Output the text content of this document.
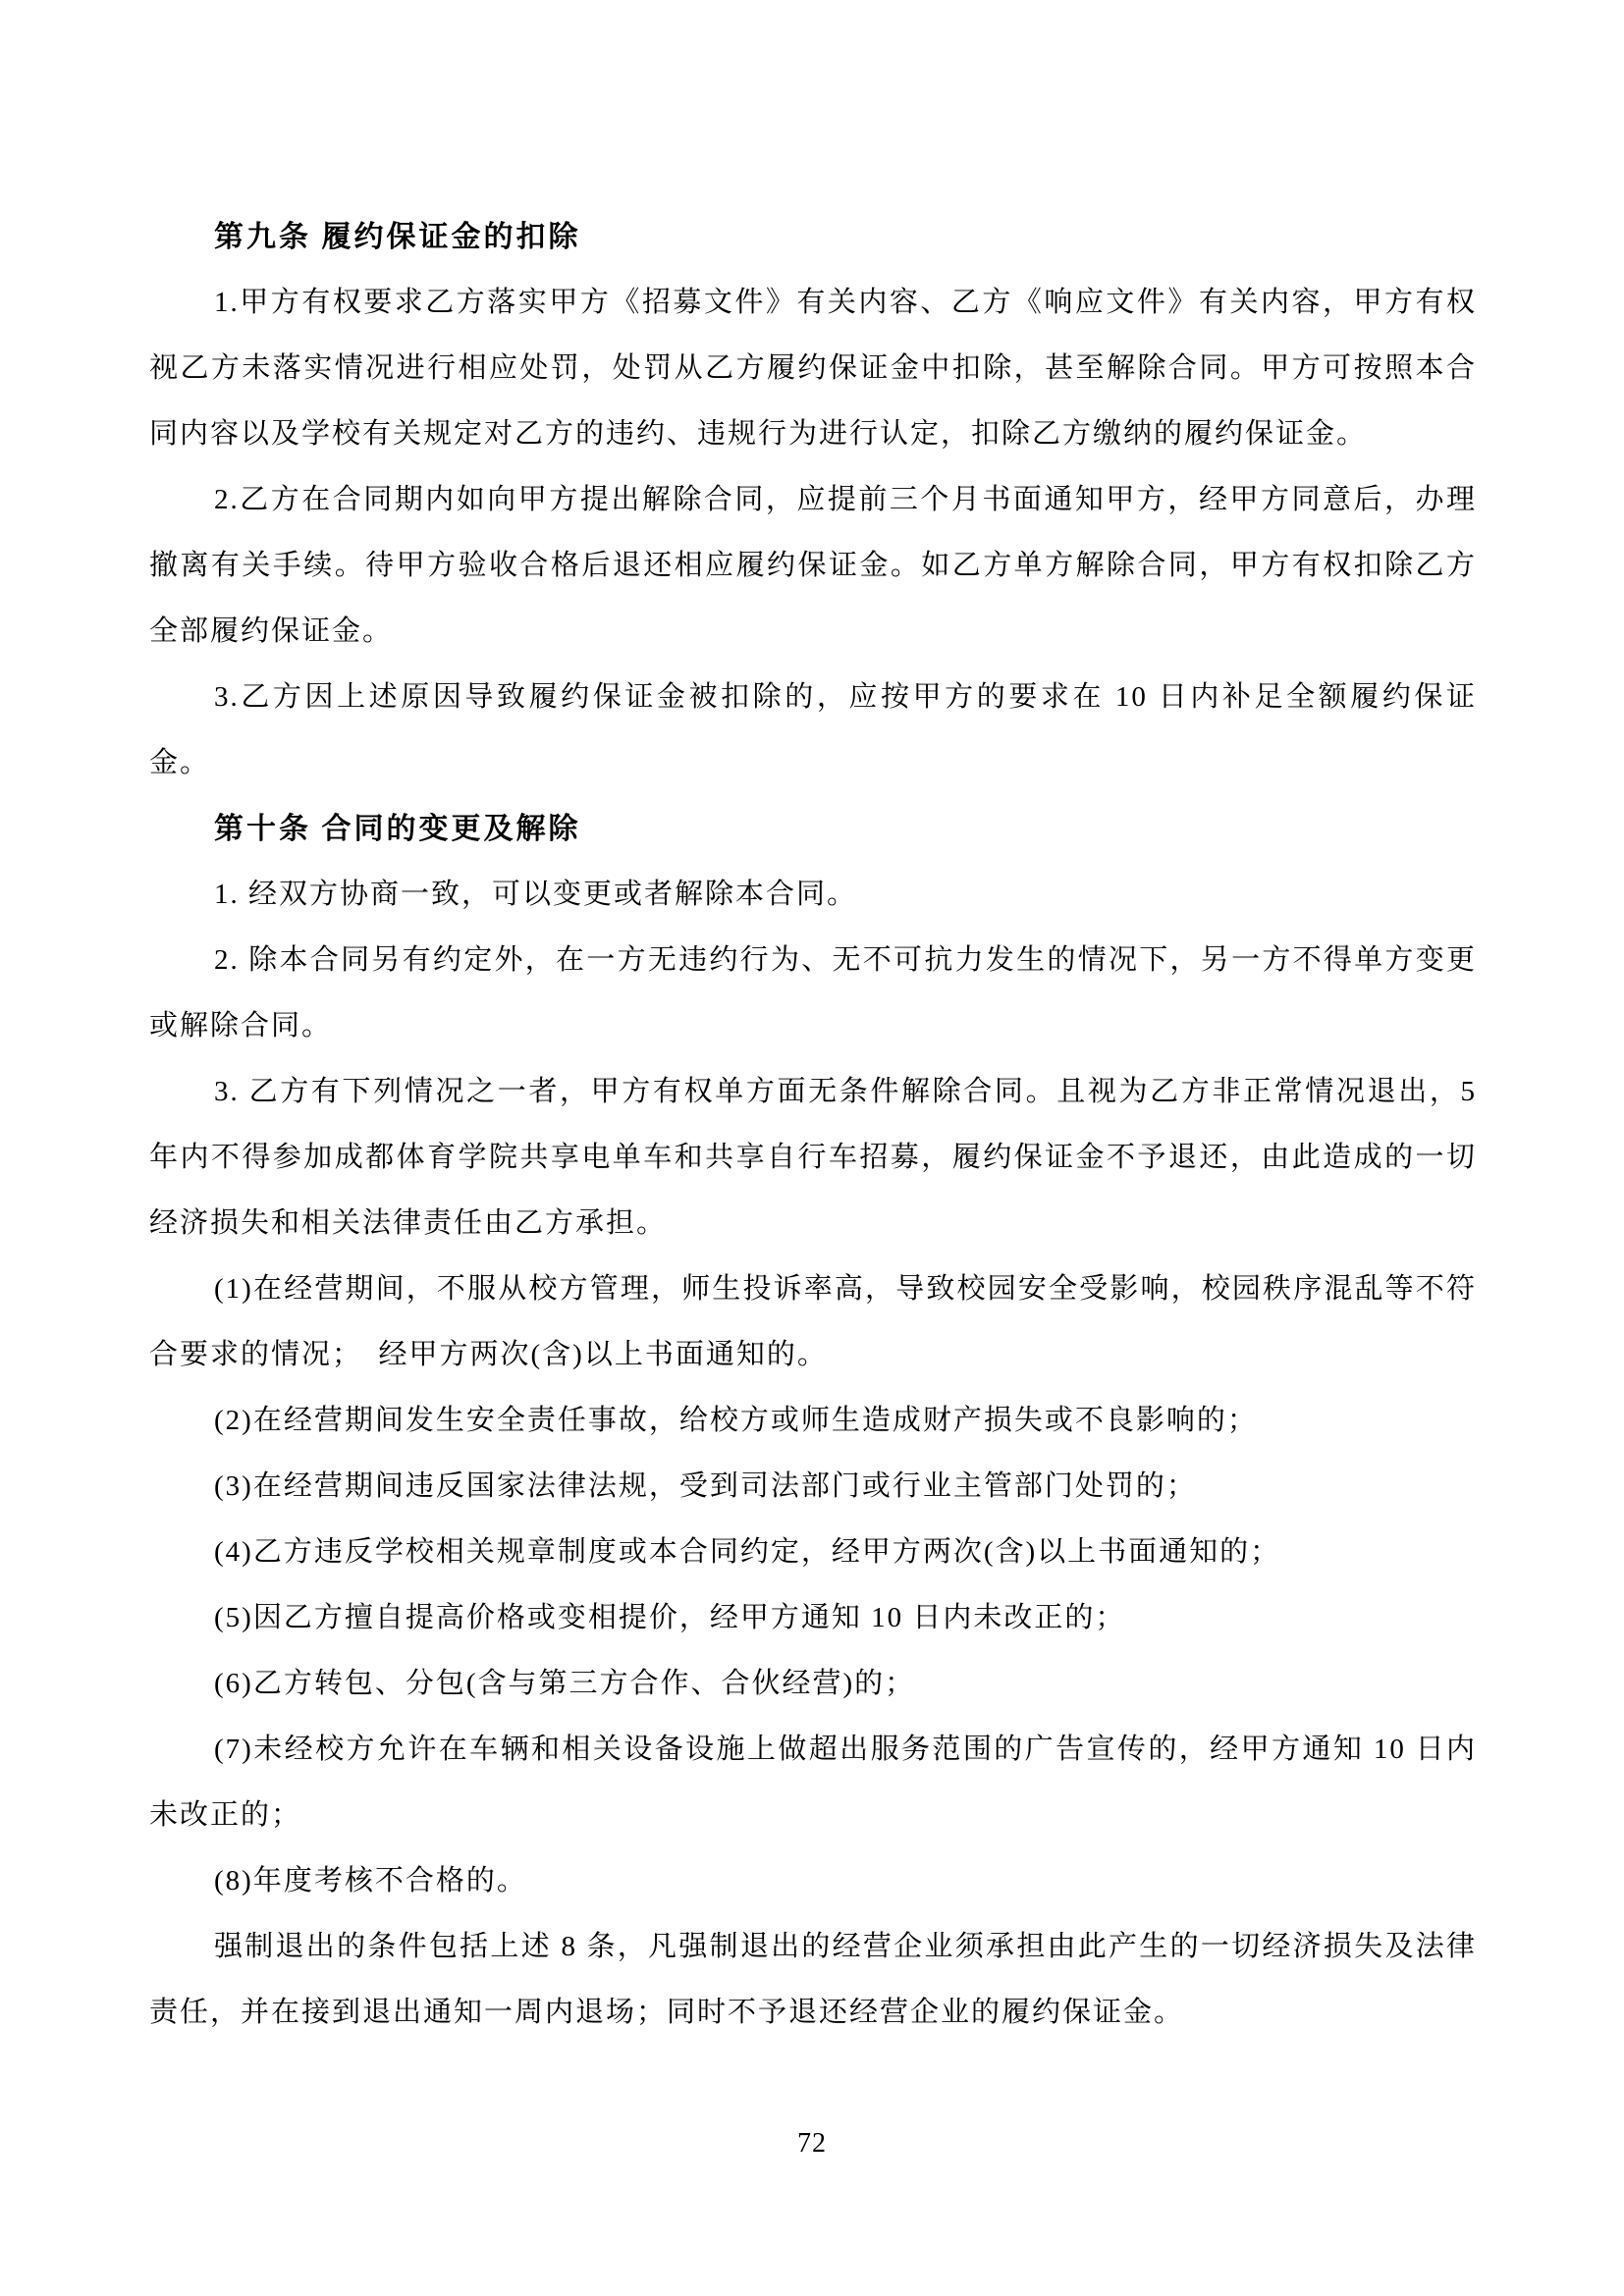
第九条 履约保证金的扣除

1.甲方有权要求乙方落实甲方《招募文件》有关内容、乙方《响应文件》有关内容，甲方有权视乙方未落实情况进行相应处罚，处罚从乙方履约保证金中扣除，甚至解除合同。甲方可按照本合同内容以及学校有关规定对乙方的违约、违规行为进行认定，扣除乙方缴纳的履约保证金。

2.乙方在合同期内如向甲方提出解除合同，应提前三个月书面通知甲方，经甲方同意后，办理撤离有关手续。待甲方验收合格后退还相应履约保证金。如乙方单方解除合同，甲方有权扣除乙方全部履约保证金。

3.乙方因上述原因导致履约保证金被扣除的，应按甲方的要求在 10 日内补足全额履约保证金。

第十条 合同的变更及解除

1. 经双方协商一致，可以变更或者解除本合同。

2. 除本合同另有约定外，在一方无违约行为、无不可抗力发生的情况下，另一方不得单方变更或解除合同。

3. 乙方有下列情况之一者，甲方有权单方面无条件解除合同。且视为乙方非正常情况退出，5 年内不得参加成都体育学院共享电单车和共享自行车招募，履约保证金不予退还，由此造成的一切经济损失和相关法律责任由乙方承担。

(1)在经营期间，不服从校方管理，师生投诉率高，导致校园安全受影响，校园秩序混乱等不符合要求的情况；　经甲方两次(含)以上书面通知的。

(2)在经营期间发生安全责任事故，给校方或师生造成财产损失或不良影响的；

(3)在经营期间违反国家法律法规，受到司法部门或行业主管部门处罚的；

(4)乙方违反学校相关规章制度或本合同约定，经甲方两次(含)以上书面通知的；

(5)因乙方擅自提高价格或变相提价，经甲方通知 10 日内未改正的；

(6)乙方转包、分包(含与第三方合作、合伙经营)的；

(7)未经校方允许在车辆和相关设备设施上做超出服务范围的广告宣传的，经甲方通知 10 日内未改正的；

(8)年度考核不合格的。

强制退出的条件包括上述 8 条，凡强制退出的经营企业须承担由此产生的一切经济损失及法律责任，并在接到退出通知一周内退场；同时不予退还经营企业的履约保证金。

72
